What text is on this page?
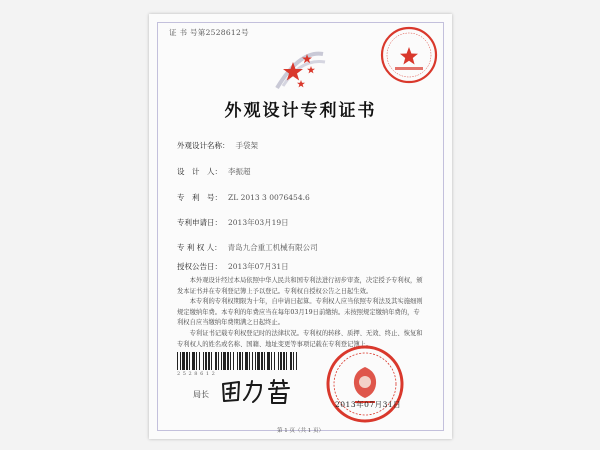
证 书 号第2528612号
外观设计专利证书
外观设计名称： 手袋架
设　计　人： 李振超
专　利　号： ZL 2013 3 0076454.6
专利申请日： 2013年03月19日
专 利 权 人： 青岛九合重工机械有限公司
授权公告日： 2013年07月31日

本外观设计经过本局依照中华人民共和国专利法进行初步审查，决定授予专利权，颁发本证书并在专利登记簿上予以登记。专利权自授权公告之日起生效。

本专利的专利权期限为十年，自申请日起算。专利权人应当依照专利法及其实施细则规定缴纳年费。本专利的年费应当在每年03月19日前缴纳。未按照规定缴纳年费的，专利权自应当缴纳年费期满之日起终止。

专利证书记载专利权登记时的法律状况。专利权的转移、质押、无效、终止、恢复和专利权人的姓名或名称、国籍、地址变更等事项记载在专利登记簿上。

2 5 2 8 6 1 2
局长
2013年07月31日
第 1 页（共 1 页）
